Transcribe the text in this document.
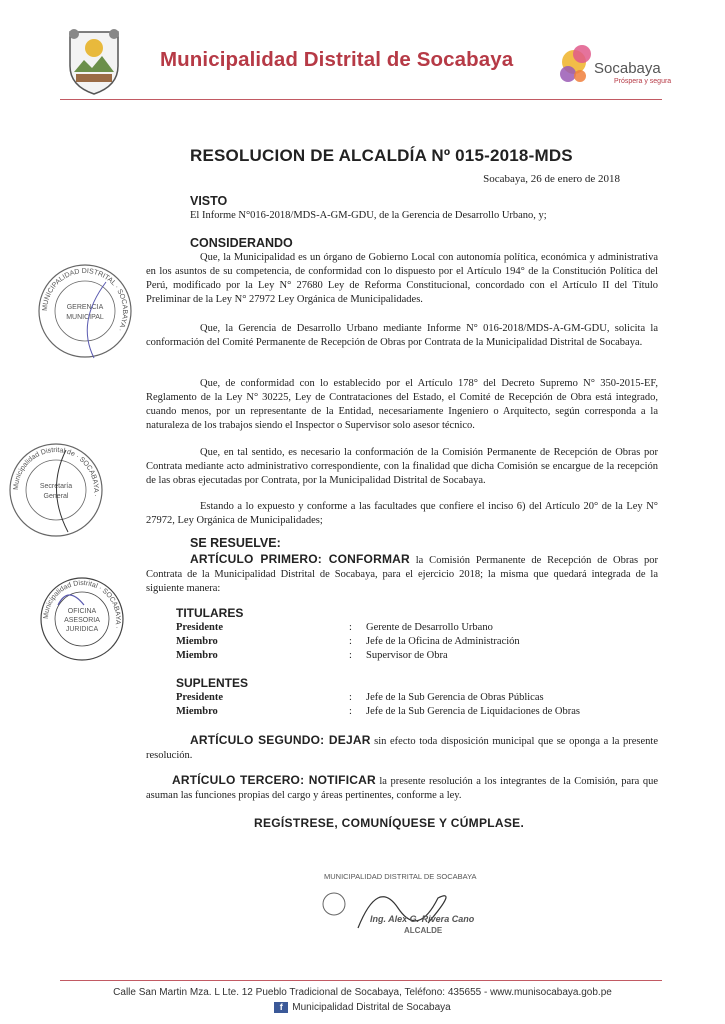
Municipalidad Distrital de Socabaya	Socabaya
Próspera y segura
RESOLUCION DE ALCALDÍA Nº 015-2018-MDS
Socabaya, 26 de enero de 2018
VISTO
El Informe N°016-2018/MDS-A-GM-GDU, de la Gerencia de Desarrollo Urbano, y;
CONSIDERANDO
Que, la Municipalidad es un órgano de Gobierno Local con autonomía política, económica y administrativa en los asuntos de su competencia, de conformidad con lo dispuesto por el Artículo 194° de la Constitución Política del Perú, modificado por la Ley N° 27680 Ley de Reforma Constitucional, concordado con el Artículo II del Título Preliminar de la Ley N° 27972 Ley Orgánica de Municipalidades.
Que, la Gerencia de Desarrollo Urbano mediante Informe N° 016-2018/MDS-A-GM-GDU, solicita la conformación del Comité Permanente de Recepción de Obras por Contrata de la Municipalidad Distrital de Socabaya.
Que, de conformidad con lo establecido por el Artículo 178° del Decreto Supremo N° 350-2015-EF, Reglamento de la Ley N° 30225, Ley de Contrataciones del Estado, el Comité de Recepción de Obra está integrado, cuando menos, por un representante de la Entidad, necesariamente Ingeniero o Arquitecto, según corresponda a la naturaleza de los trabajos siendo el Inspector o Supervisor solo asesor técnico.
Que, en tal sentido, es necesario la conformación de la Comisión Permanente de Recepción de Obras por Contrata mediante acto administrativo correspondiente, con la finalidad que dicha Comisión se encargue de la recepción de las obras ejecutadas por Contrata, por la Municipalidad Distrital de Socabaya.
Estando a lo expuesto y conforme a las facultades que confiere el inciso 6) del Artículo 20° de la Ley N° 27972, Ley Orgánica de Municipalidades;
SE RESUELVE:
ARTÍCULO PRIMERO: CONFORMAR la Comisión Permanente de Recepción de Obras por Contrata de la Municipalidad Distrital de Socabaya, para el ejercicio 2018; la misma que quedará integrada de la siguiente manera:
TITULARES
Presidente	: Gerente de Desarrollo Urbano
Miembro	: Jefe de la Oficina de Administración
Miembro	: Supervisor de Obra
SUPLENTES
Presidente	: Jefe de la Sub Gerencia de Obras Públicas
Miembro	: Jefe de la Sub Gerencia de Liquidaciones de Obras
ARTÍCULO SEGUNDO: DEJAR sin efecto toda disposición municipal que se oponga a la presente resolución.
ARTÍCULO TERCERO: NOTIFICAR la presente resolución a los integrantes de la Comisión, para que asuman las funciones propias del cargo y áreas pertinentes, conforme a ley.
REGÍSTRESE, COMUNÍQUESE Y CÚMPLASE.
MUNICIPALIDAD DISTRITAL · SOCABAYA ·
GERENCIA
MUNICIPAL
Municipalidad Distrital de · SOCABAYA ·
Secretaría
General
Municipalidad Distrital · SOCABAYA ·
OFICINA
ASESORIA
JURIDICA
MUNICIPALIDAD DISTRITAL DE SOCABAYA
Ing. Alex G. Rivera Cano
ALCALDE
Calle San Martin Mza. L Lte. 12 Pueblo Tradicional de Socabaya, Teléfono: 435655 - www.munisocabaya.gob.pe
f Municipalidad Distrital de Socabaya
